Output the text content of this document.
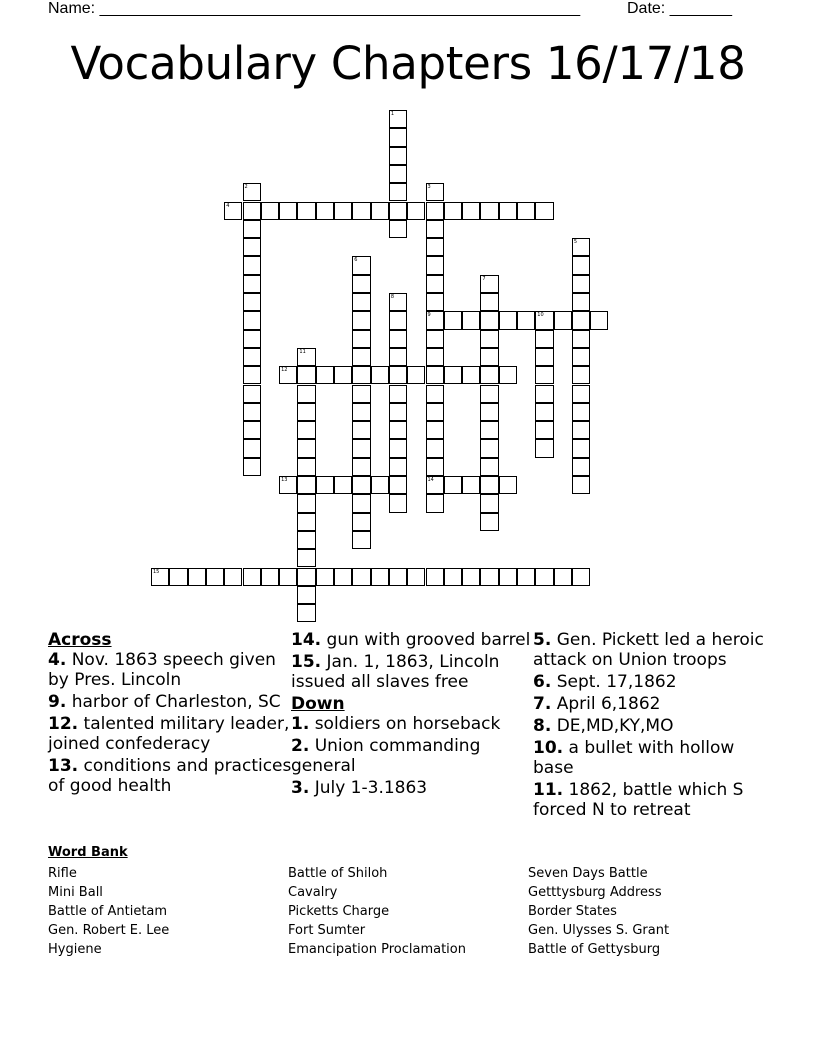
Name: ______________________________________________________	Date: _______
Vocabulary Chapters 16/17/18
1
2	3
9
14
4
5
6
7
8
10
11
12
13
15

Across

4. Nov. 1863 speech given by Pres. Lincoln

9. harbor of Charleston, SC

12. talented military leader, joined confederacy

13. conditions and practices of good health

14. gun with grooved barrel

15. Jan. 1, 1863, Lincoln issued all slaves free

Down

1. soldiers on horseback

2. Union commanding general

3. July 1-3.1863

5. Gen. Pickett led a heroic attack on Union troops

6. Sept. 17,1862

7. April 6,1862

8. DE,MD,KY,MO

10. a bullet with hollow base

11. 1862, battle which S forced N to retreat

Word Bank
Rifle
Mini Ball
Battle of Antietam
Gen. Robert E. Lee
Hygiene
Battle of Shiloh
Cavalry
Picketts Charge
Fort Sumter
Emancipation Proclamation
Seven Days Battle
Getttysburg Address
Border States
Gen. Ulysses S. Grant
Battle of Gettysburg
